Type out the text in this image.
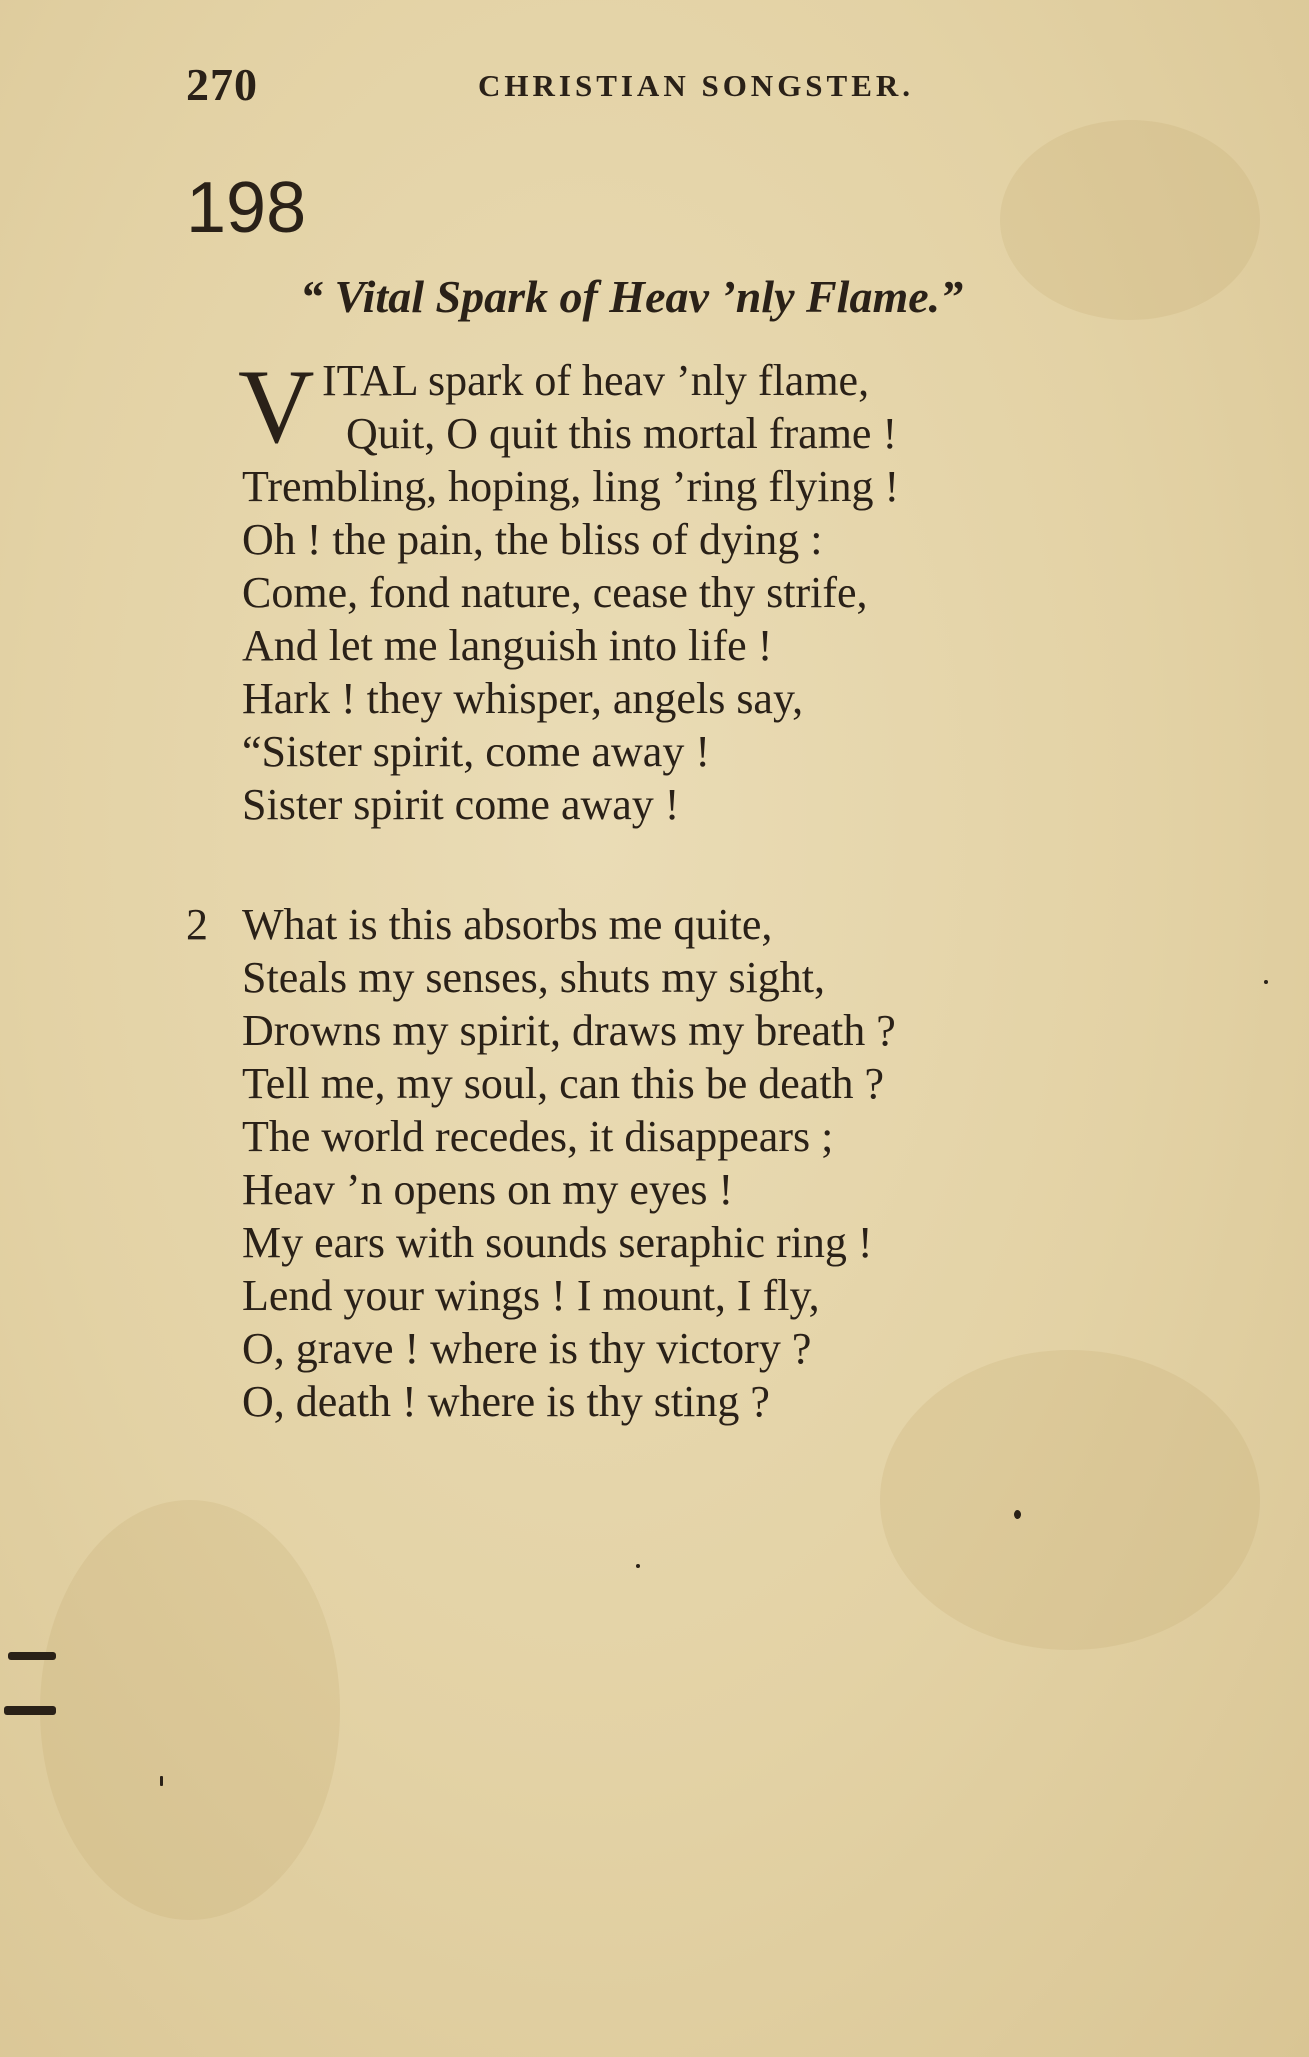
270	CHRISTIAN SONGSTER.
198
“ Vital Spark of Heav ’nly Flame.”
V ITAL spark of heav ’nly flame,
Quit, O quit this mortal frame !
Trembling, hoping, ling ’ring flying !
Oh ! the pain, the bliss of dying :
Come, fond nature, cease thy strife,
And let me languish into life !
Hark ! they whisper, angels say,
“Sister spirit, come away !
Sister spirit come away !
2 What is this absorbs me quite,
Steals my senses, shuts my sight,
Drowns my spirit, draws my breath ?
Tell me, my soul, can this be death ?
The world recedes, it disappears ;
Heav ’n opens on my eyes !
My ears with sounds seraphic ring !
Lend your wings ! I mount, I fly,
O, grave ! where is thy victory ?
O, death ! where is thy sting ?
